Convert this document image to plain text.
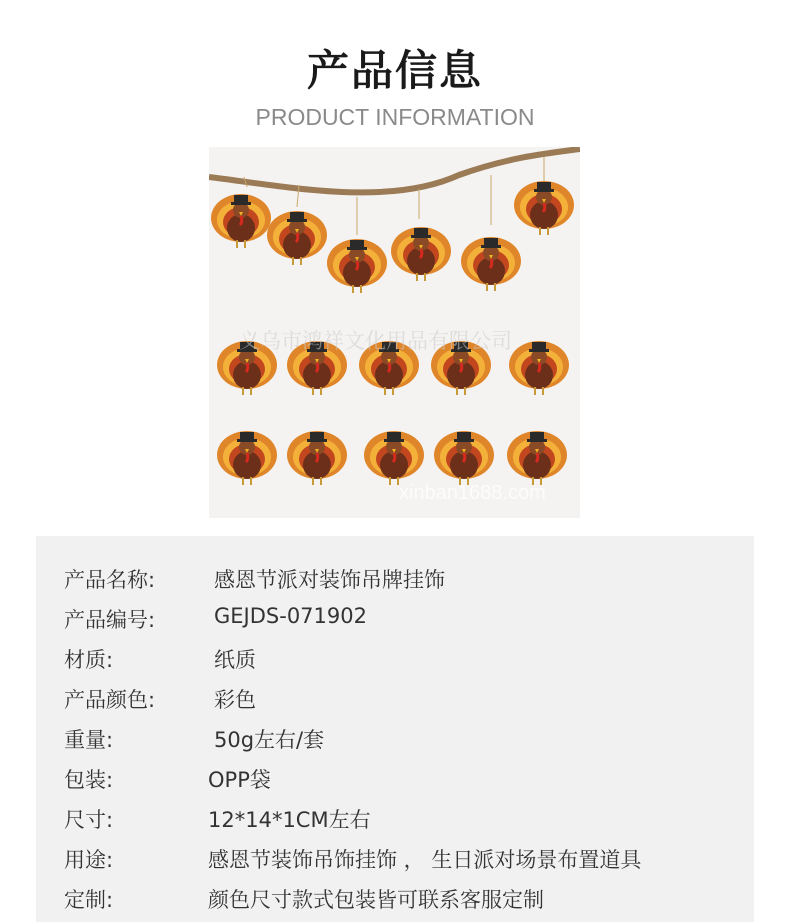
产品信息
PRODUCT INFORMATION
义乌市鸿祥文化用品有限公司
xinban1688.com
产品名称:	感恩节派对装饰吊牌挂饰
产品编号:	GEJDS-071902
材质:	纸质
产品颜色:	彩色
重量:	50g左右/套
包装:	OPP袋
尺寸:	12*14*1CM左右
用途:	感恩节装饰吊饰挂饰 ， 生日派对场景布置道具
定制:	颜色尺寸款式包装皆可联系客服定制
